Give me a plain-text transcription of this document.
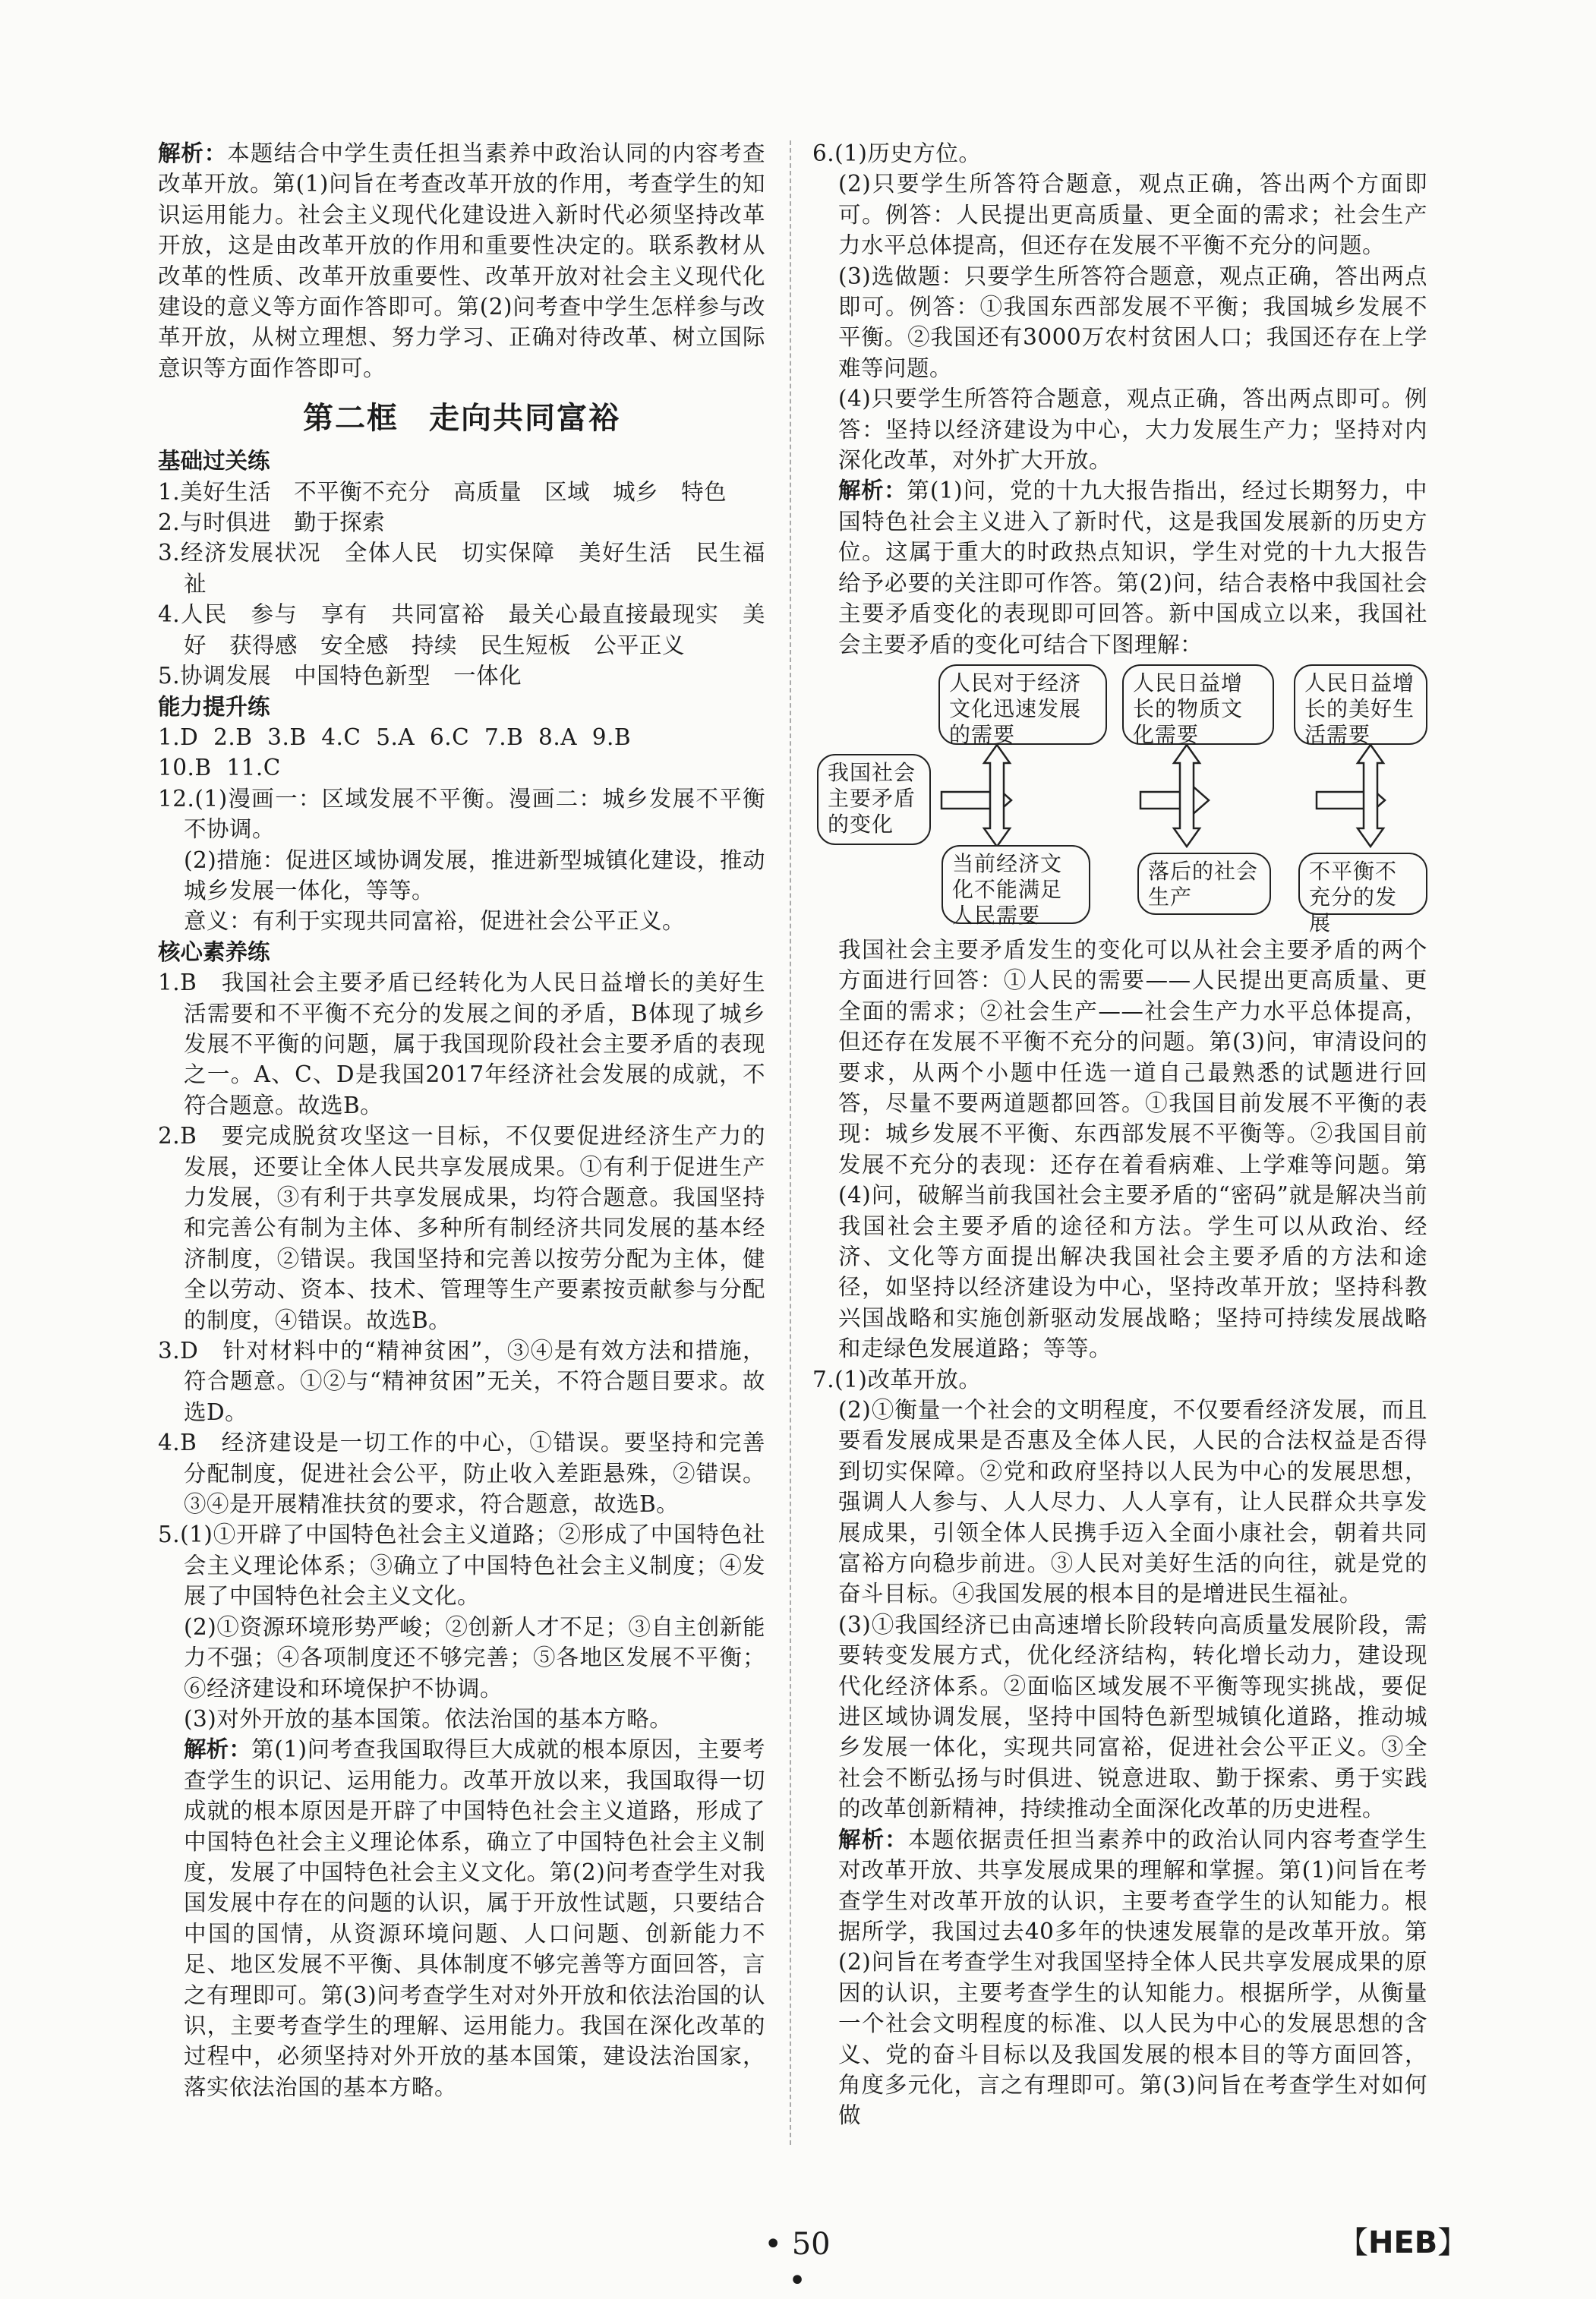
解析：本题结合中学生责任担当素养中政治认同的内容考查改革开放。第(1)问旨在考查改革开放的作用，考查学生的知识运用能力。社会主义现代化建设进入新时代必须坚持改革开放，这是由改革开放的作用和重要性决定的。联系教材从改革的性质、改革开放重要性、改革开放对社会主义现代化建设的意义等方面作答即可。第(2)问考查中学生怎样参与改革开放，从树立理想、努力学习、正确对待改革、树立国际意识等方面作答即可。

第二框 走向共同富裕
基础过关练

1.美好生活　不平衡不充分　高质量　区域　城乡　特色

2.与时俱进　勤于探索

3.经济发展状况　全体人民　切实保障　美好生活　民生福祉

4.人民　参与　享有　共同富裕　最关心最直接最现实　美好　获得感　安全感　持续　民生短板　公平正义

5.协调发展　中国特色新型　一体化

能力提升练

1.D 2.B 3.B 4.C 5.A 6.C 7.B 8.A 9.B

10.B 11.C

12.(1)漫画一：区域发展不平衡。漫画二：城乡发展不平衡不协调。

(2)措施：促进区域协调发展，推进新型城镇化建设，推动城乡发展一体化，等等。

意义：有利于实现共同富裕，促进社会公平正义。

核心素养练

1.B　我国社会主要矛盾已经转化为人民日益增长的美好生活需要和不平衡不充分的发展之间的矛盾，B体现了城乡发展不平衡的问题，属于我国现阶段社会主要矛盾的表现之一。A、C、D是我国2017年经济社会发展的成就，不符合题意。故选B。

2.B　要完成脱贫攻坚这一目标，不仅要促进经济生产力的发展，还要让全体人民共享发展成果。①有利于促进生产力发展，③有利于共享发展成果，均符合题意。我国坚持和完善公有制为主体、多种所有制经济共同发展的基本经济制度，②错误。我国坚持和完善以按劳分配为主体，健全以劳动、资本、技术、管理等生产要素按贡献参与分配的制度，④错误。故选B。

3.D　针对材料中的“精神贫困”，③④是有效方法和措施，符合题意。①②与“精神贫困”无关，不符合题目要求。故选D。

4.B　经济建设是一切工作的中心，①错误。要坚持和完善分配制度，促进社会公平，防止收入差距悬殊，②错误。③④是开展精准扶贫的要求，符合题意，故选B。

5.(1)①开辟了中国特色社会主义道路；②形成了中国特色社会主义理论体系；③确立了中国特色社会主义制度；④发展了中国特色社会主义文化。

(2)①资源环境形势严峻；②创新人才不足；③自主创新能力不强；④各项制度还不够完善；⑤各地区发展不平衡；⑥经济建设和环境保护不协调。

(3)对外开放的基本国策。依法治国的基本方略。

解析：第(1)问考查我国取得巨大成就的根本原因，主要考查学生的识记、运用能力。改革开放以来，我国取得一切成就的根本原因是开辟了中国特色社会主义道路，形成了中国特色社会主义理论体系，确立了中国特色社会主义制度，发展了中国特色社会主义文化。第(2)问考查学生对我国发展中存在的问题的认识，属于开放性试题，只要结合中国的国情，从资源环境问题、人口问题、创新能力不足、地区发展不平衡、具体制度不够完善等方面回答，言之有理即可。第(3)问考查学生对对外开放和依法治国的认识，主要考查学生的理解、运用能力。我国在深化改革的过程中，必须坚持对外开放的基本国策，建设法治国家，落实依法治国的基本方略。

6.(1)历史方位。

(2)只要学生所答符合题意，观点正确，答出两个方面即可。例答：人民提出更高质量、更全面的需求；社会生产力水平总体提高，但还存在发展不平衡不充分的问题。

(3)选做题：只要学生所答符合题意，观点正确，答出两点即可。例答：①我国东西部发展不平衡；我国城乡发展不平衡。②我国还有3000万农村贫困人口；我国还存在上学难等问题。

(4)只要学生所答符合题意，观点正确，答出两点即可。例答：坚持以经济建设为中心，大力发展生产力；坚持对内深化改革，对外扩大开放。

解析：第(1)问，党的十九大报告指出，经过长期努力，中国特色社会主义进入了新时代，这是我国发展新的历史方位。这属于重大的时政热点知识，学生对党的十九大报告给予必要的关注即可作答。第(2)问，结合表格中我国社会主要矛盾变化的表现即可回答。新中国成立以来，我国社会主要矛盾的变化可结合下图理解：

我国社会主要矛盾的变化
人民对于经济文化迅速发展的需要
人民日益增长的物质文化需要
人民日益增长的美好生活需要
当前经济文化不能满足人民需要
落后的社会生产
不平衡不充分的发展

我国社会主要矛盾发生的变化可以从社会主要矛盾的两个方面进行回答：①人民的需要——人民提出更高质量、更全面的需求；②社会生产——社会生产力水平总体提高，但还存在发展不平衡不充分的问题。第(3)问，审清设问的要求，从两个小题中任选一道自己最熟悉的试题进行回答，尽量不要两道题都回答。①我国目前发展不平衡的表现：城乡发展不平衡、东西部发展不平衡等。②我国目前发展不充分的表现：还存在着看病难、上学难等问题。第(4)问，破解当前我国社会主要矛盾的“密码”就是解决当前我国社会主要矛盾的途径和方法。学生可以从政治、经济、文化等方面提出解决我国社会主要矛盾的方法和途径，如坚持以经济建设为中心，坚持改革开放；坚持科教兴国战略和实施创新驱动发展战略；坚持可持续发展战略和走绿色发展道路；等等。

7.(1)改革开放。

(2)①衡量一个社会的文明程度，不仅要看经济发展，而且要看发展成果是否惠及全体人民，人民的合法权益是否得到切实保障。②党和政府坚持以人民为中心的发展思想，强调人人参与、人人尽力、人人享有，让人民群众共享发展成果，引领全体人民携手迈入全面小康社会，朝着共同富裕方向稳步前进。③人民对美好生活的向往，就是党的奋斗目标。④我国发展的根本目的是增进民生福祉。

(3)①我国经济已由高速增长阶段转向高质量发展阶段，需要转变发展方式，优化经济结构，转化增长动力，建设现代化经济体系。②面临区域发展不平衡等现实挑战，要促进区域协调发展，坚持中国特色新型城镇化道路，推动城乡发展一体化，实现共同富裕，促进社会公平正义。③全社会不断弘扬与时俱进、锐意进取、勤于探索、勇于实践的改革创新精神，持续推动全面深化改革的历史进程。

解析：本题依据责任担当素养中的政治认同内容考查学生对改革开放、共享发展成果的理解和掌握。第(1)问旨在考查学生对改革开放的认识，主要考查学生的认知能力。根据所学，我国过去40多年的快速发展靠的是改革开放。第(2)问旨在考查学生对我国坚持全体人民共享发展成果的原因的认识，主要考查学生的认知能力。根据所学，从衡量一个社会文明程度的标准、以人民为中心的发展思想的含义、党的奋斗目标以及我国发展的根本目的等方面回答，角度多元化，言之有理即可。第(3)问旨在考查学生对如何做

• 50 •
【HEB】
